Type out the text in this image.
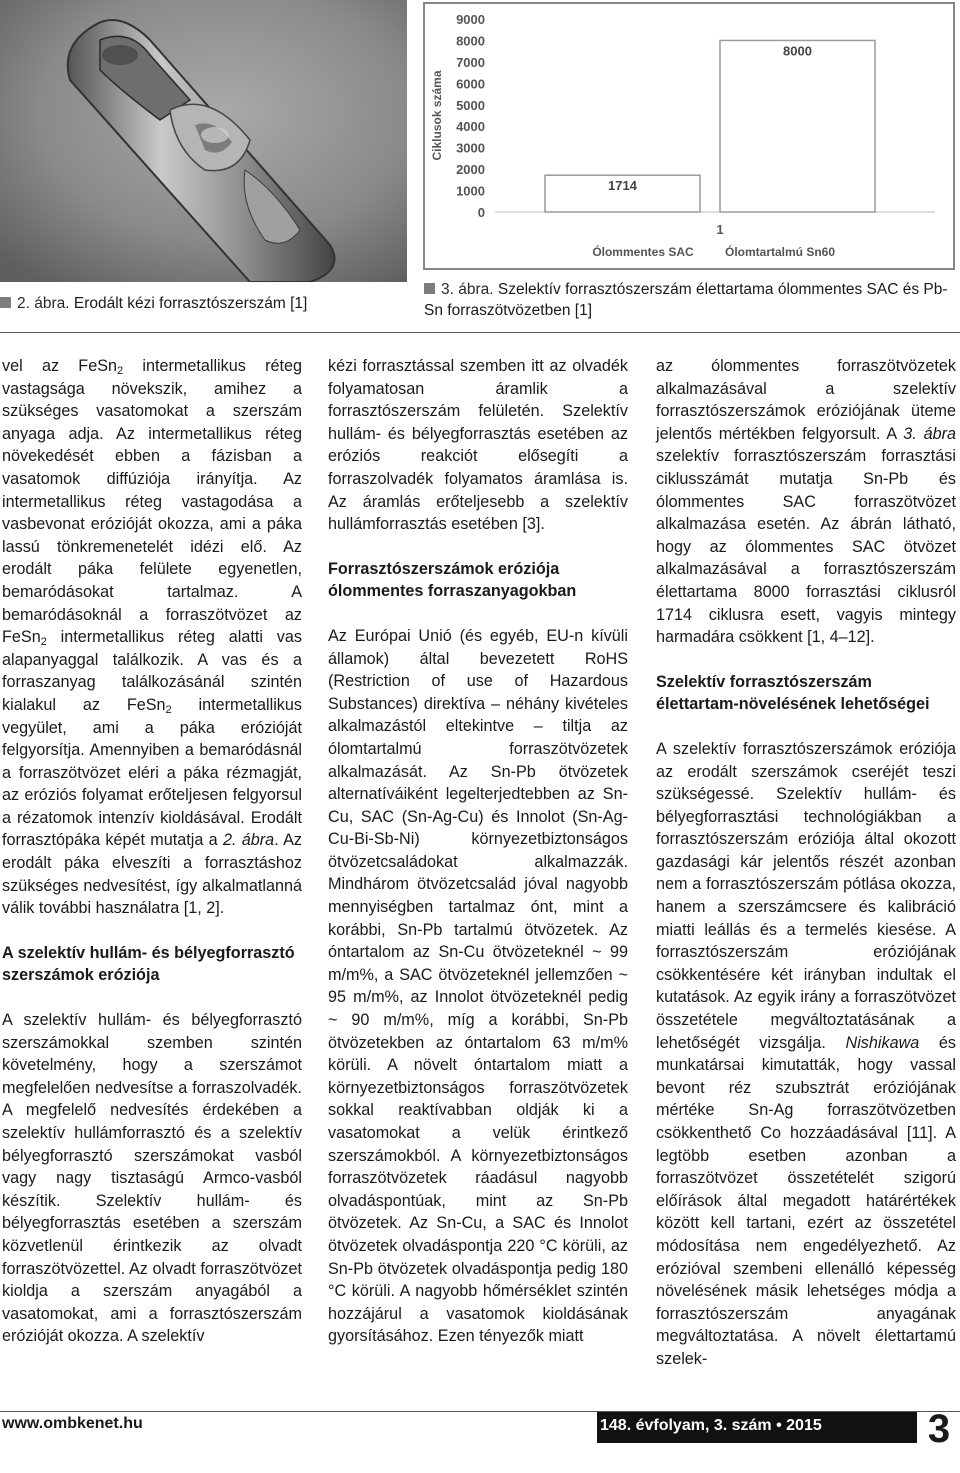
Ciklusok száma
9000
8000
7000
6000
5000
4000
3000
2000
1000
0
1714
8000
1
Ólommentes SAC	Ólomtartalmú Sn60
2. ábra. Erodált kézi forrasztószerszám [1]
3. ábra. Szelektív forrasztószerszám élettartama ólommentes SAC és Pb-Sn forraszötvözetben [1]

vel az FeSn$_2$ intermetallikus réteg vastagsága növekszik, amihez a szükséges vasatomokat a szerszám anyaga adja. Az intermetallikus réteg növekedését ebben a fázisban a vasatomok diffúziója irányítja. Az intermetallikus réteg vastagodása a vasbevonat erózióját okozza, ami a páka lassú tönkremenetelét idézi elő. Az erodált páka felülete egyenetlen, bemaródásokat tartalmaz. A bemaródásoknál a forraszötvözet az FeSn$_2$ intermetallikus réteg alatti vas alapanyaggal találkozik. A vas és a forraszanyag találkozásánál szintén kialakul az FeSn$_2$ intermetallikus vegyület, ami a páka erózióját felgyorsítja. Amennyiben a bemaródásnál a forraszötvözet eléri a páka rézmagját, az eróziós folyamat erőteljesen felgyorsul a rézatomok intenzív kioldásával. Erodált forrasztópáka képét mutatja a 2. ábra. Az erodált páka elveszíti a forrasztáshoz szükséges nedvesítést, így alkalmatlanná válik további használatra [1, 2].

A szelektív hullám- és bélyegforrasztó szerszámok eróziója

A szelektív hullám- és bélyegforrasztó szerszámokkal szemben szintén követelmény, hogy a szerszámot megfelelően nedvesítse a forraszolvadék. A megfelelő nedvesítés érdekében a szelektív hullámforrasztó és a szelektív bélyegforrasztó szerszámokat vasból vagy nagy tisztaságú Armco-vasból készítik. Szelektív hullám- és bélyegforrasztás esetében a szerszám közvetlenül érintkezik az olvadt forraszötvözettel. Az olvadt forraszötvözet kioldja a szerszám anyagából a vasatomokat, ami a forrasztószerszám erózióját okozza. A szelektív

kézi forrasztással szemben itt az olvadék folyamatosan áramlik a forrasztószerszám felületén. Szelektív hullám- és bélyegforrasztás esetében az eróziós reakciót elősegíti a forraszolvadék folyamatos áramlása is. Az áramlás erőteljesebb a szelektív hullámforrasztás esetében [3].

Forrasztószerszámok eróziója ólommentes forraszanyagokban

Az Európai Unió (és egyéb, EU-n kívüli államok) által bevezetett RoHS (Restriction of use of Hazardous Substances) direktíva – néhány kivételes alkalmazástól eltekintve – tiltja az ólomtartalmú forraszötvözetek alkalmazását. Az Sn-Pb ötvözetek alternatíváiként legelterjedtebben az Sn-Cu, SAC (Sn-Ag-Cu) és Innolot (Sn-Ag-Cu-Bi-Sb-Ni) környezetbiztonságos ötvözetcsaládokat alkalmazzák. Mindhárom ötvözetcsalád jóval nagyobb mennyiségben tartalmaz ónt, mint a korábbi, Sn-Pb tartalmú ötvözetek. Az óntartalom az Sn-Cu ötvözeteknél ~ 99 m/m%, a SAC ötvözeteknél jellemzően ~ 95 m/m%, az Innolot ötvözeteknél pedig ~ 90 m/m%, míg a korábbi, Sn-Pb ötvözetekben az óntartalom 63 m/m% körüli. A növelt óntartalom miatt a környezetbiztonságos forraszötvözetek sokkal reaktívabban oldják ki a vasatomokat a velük érintkező szerszámokból. A környezetbiztonságos forraszötvözetek ráadásul nagyobb olvadáspontúak, mint az Sn-Pb ötvözetek. Az Sn-Cu, a SAC és Innolot ötvözetek olvadáspontja 220 °C körüli, az Sn-Pb ötvözetek olvadáspontja pedig 180 °C körüli. A nagyobb hőmérséklet szintén hozzájárul a vasatomok kioldásának gyorsításához. Ezen tényezők miatt

az ólommentes forraszötvözetek alkalmazásával a szelektív forrasztószerszámok eróziójának üteme jelentős mértékben felgyorsult. A 3. ábra szelektív forrasztószerszám forrasztási ciklusszámát mutatja Sn-Pb és ólommentes SAC forraszötvözet alkalmazása esetén. Az ábrán látható, hogy az ólommentes SAC ötvözet alkalmazásával a forrasztószerszám élettartama 8000 forrasztási ciklusról 1714 ciklusra esett, vagyis mintegy harmadára csökkent [1, 4–12].

Szelektív forrasztószerszám élettartam-növelésének lehetőségei

A szelektív forrasztószerszámok eróziója az erodált szerszámok cseréjét teszi szükségessé. Szelektív hullám- és bélyegforrasztási technológiákban a forrasztószerszám eróziója által okozott gazdasági kár jelentős részét azonban nem a forrasztószerszám pótlása okozza, hanem a szerszámcsere és kalibráció miatti leállás és a termelés kiesése. A forrasztószerszám eróziójának csökkentésére két irányban indultak el kutatások. Az egyik irány a forraszötvözet összetétele megváltoztatásának a lehetőségét vizsgálja. Nishikawa és munkatársai kimutatták, hogy vassal bevont réz szubsztrát eróziójának mértéke Sn-Ag forraszötvözetben csökkenthető Co hozzáadásával [11]. A legtöbb esetben azonban a forraszötvözet összetételét szigorú előírások által megadott határértékek között kell tartani, ezért az összetétel módosítása nem engedélyezhető. Az erózióval szembeni ellenálló képesség növelésének másik lehetséges módja a forrasztószerszám anyagának megváltoztatása. A növelt élettartamú szelek-

www.ombkenet.hu	148. évfolyam, 3. szám • 2015	3
